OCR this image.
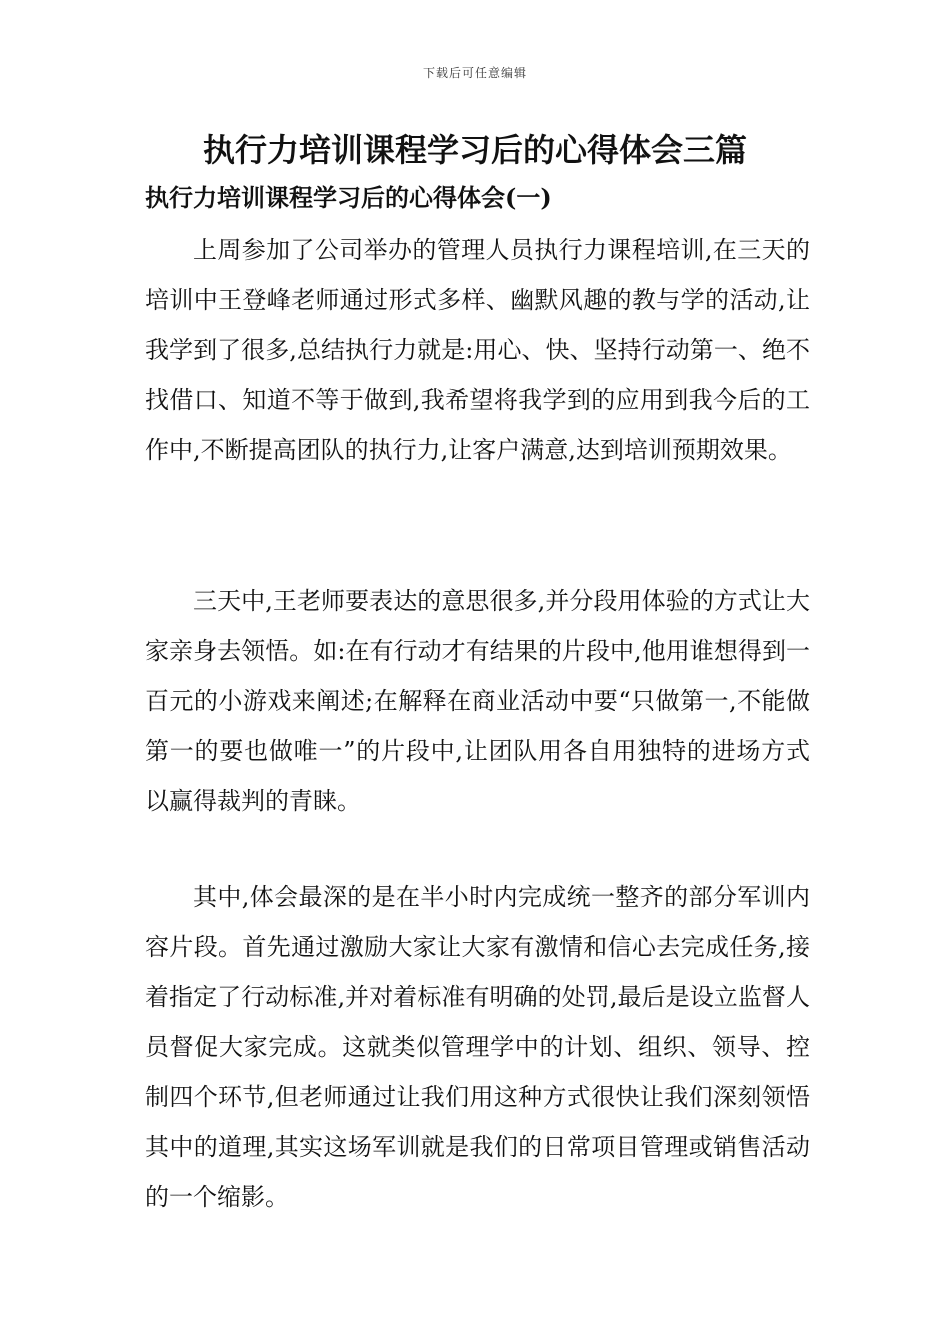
下载后可任意编辑
执行力培训课程学习后的心得体会三篇
执行力培训课程学习后的心得体会(一)

上周参加了公司举办的管理人员执行力课程培训,在三天的培训中王登峰老师通过形式多样、幽默风趣的教与学的活动,让我学到了很多,总结执行力就是:用心、快、坚持行动第一、绝不找借口、知道不等于做到,我希望将我学到的应用到我今后的工作中,不断提高团队的执行力,让客户满意,达到培训预期效果。

三天中,王老师要表达的意思很多,并分段用体验的方式让大家亲身去领悟。如:在有行动才有结果的片段中,他用谁想得到一百元的小游戏来阐述;在解释在商业活动中要“只做第一,不能做第一的要也做唯一”的片段中,让团队用各自用独特的进场方式以赢得裁判的青睐。

其中,体会最深的是在半小时内完成统一整齐的部分军训内容片段。首先通过激励大家让大家有激情和信心去完成任务,接着指定了行动标准,并对着标准有明确的处罚,最后是设立监督人员督促大家完成。这就类似管理学中的计划、组织、领导、控制四个环节,但老师通过让我们用这种方式很快让我们深刻领悟其中的道理,其实这场军训就是我们的日常项目管理或销售活动的一个缩影。
